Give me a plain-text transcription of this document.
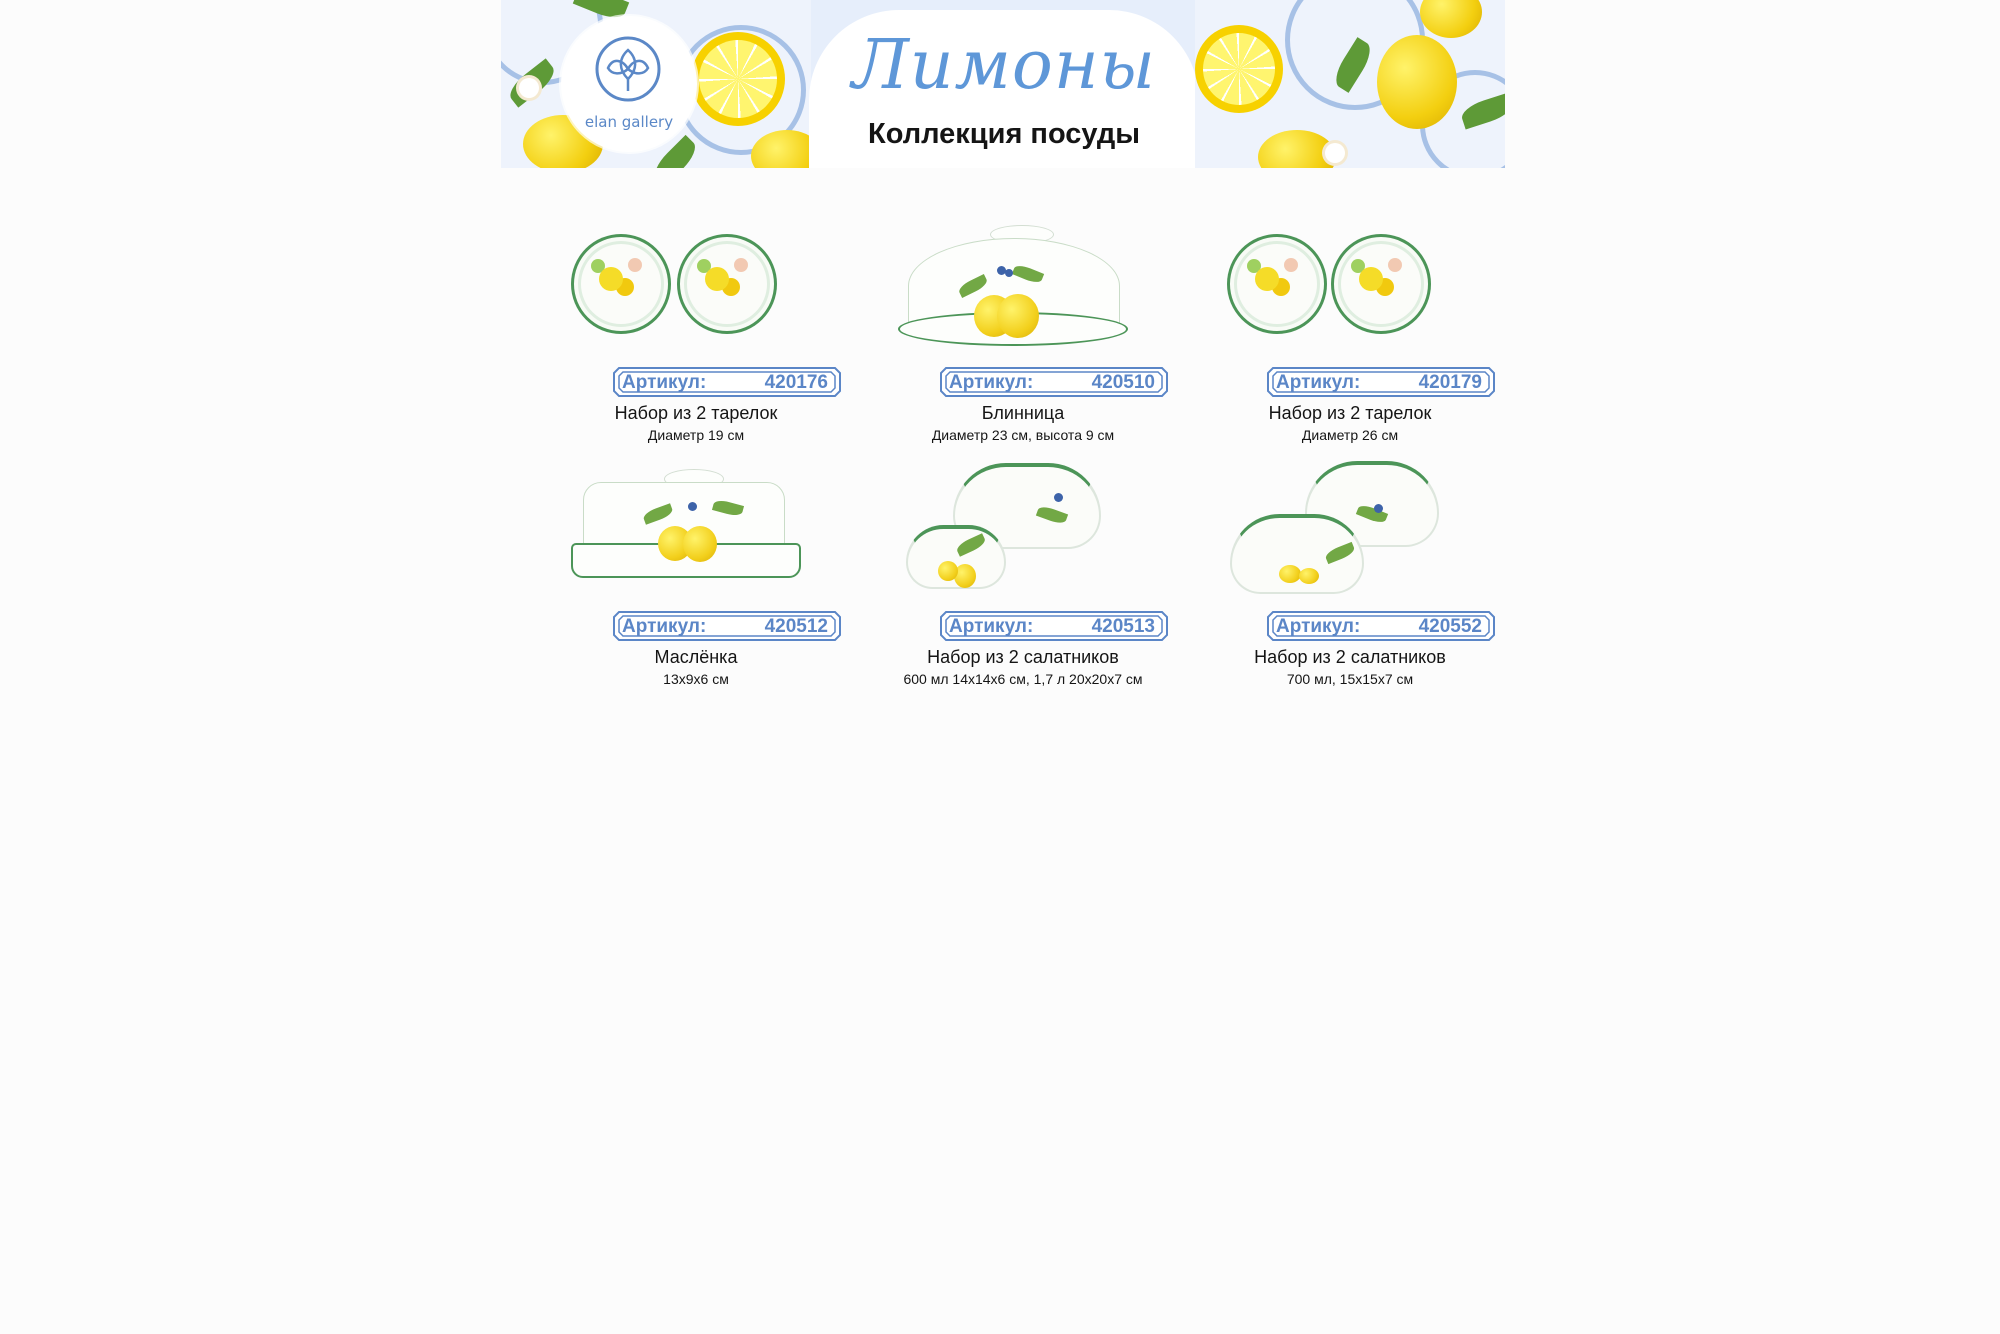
Лимоны
Коллекция посуды
elan gallery
Артикул:	420176
Набор из 2 тарелок
Диаметр 19 см
Артикул:	420510
Блинница
Диаметр 23 см, высота 9 см
Артикул:	420179
Набор из 2 тарелок
Диаметр 26 см
Артикул:	420512
Маслёнка
13x9x6 см
Артикул:	420513
Набор из 2 салатников
600 мл 14x14x6 см, 1,7 л 20x20x7 см
Артикул:	420552
Набор из 2 салатников
700 мл, 15x15x7 см
